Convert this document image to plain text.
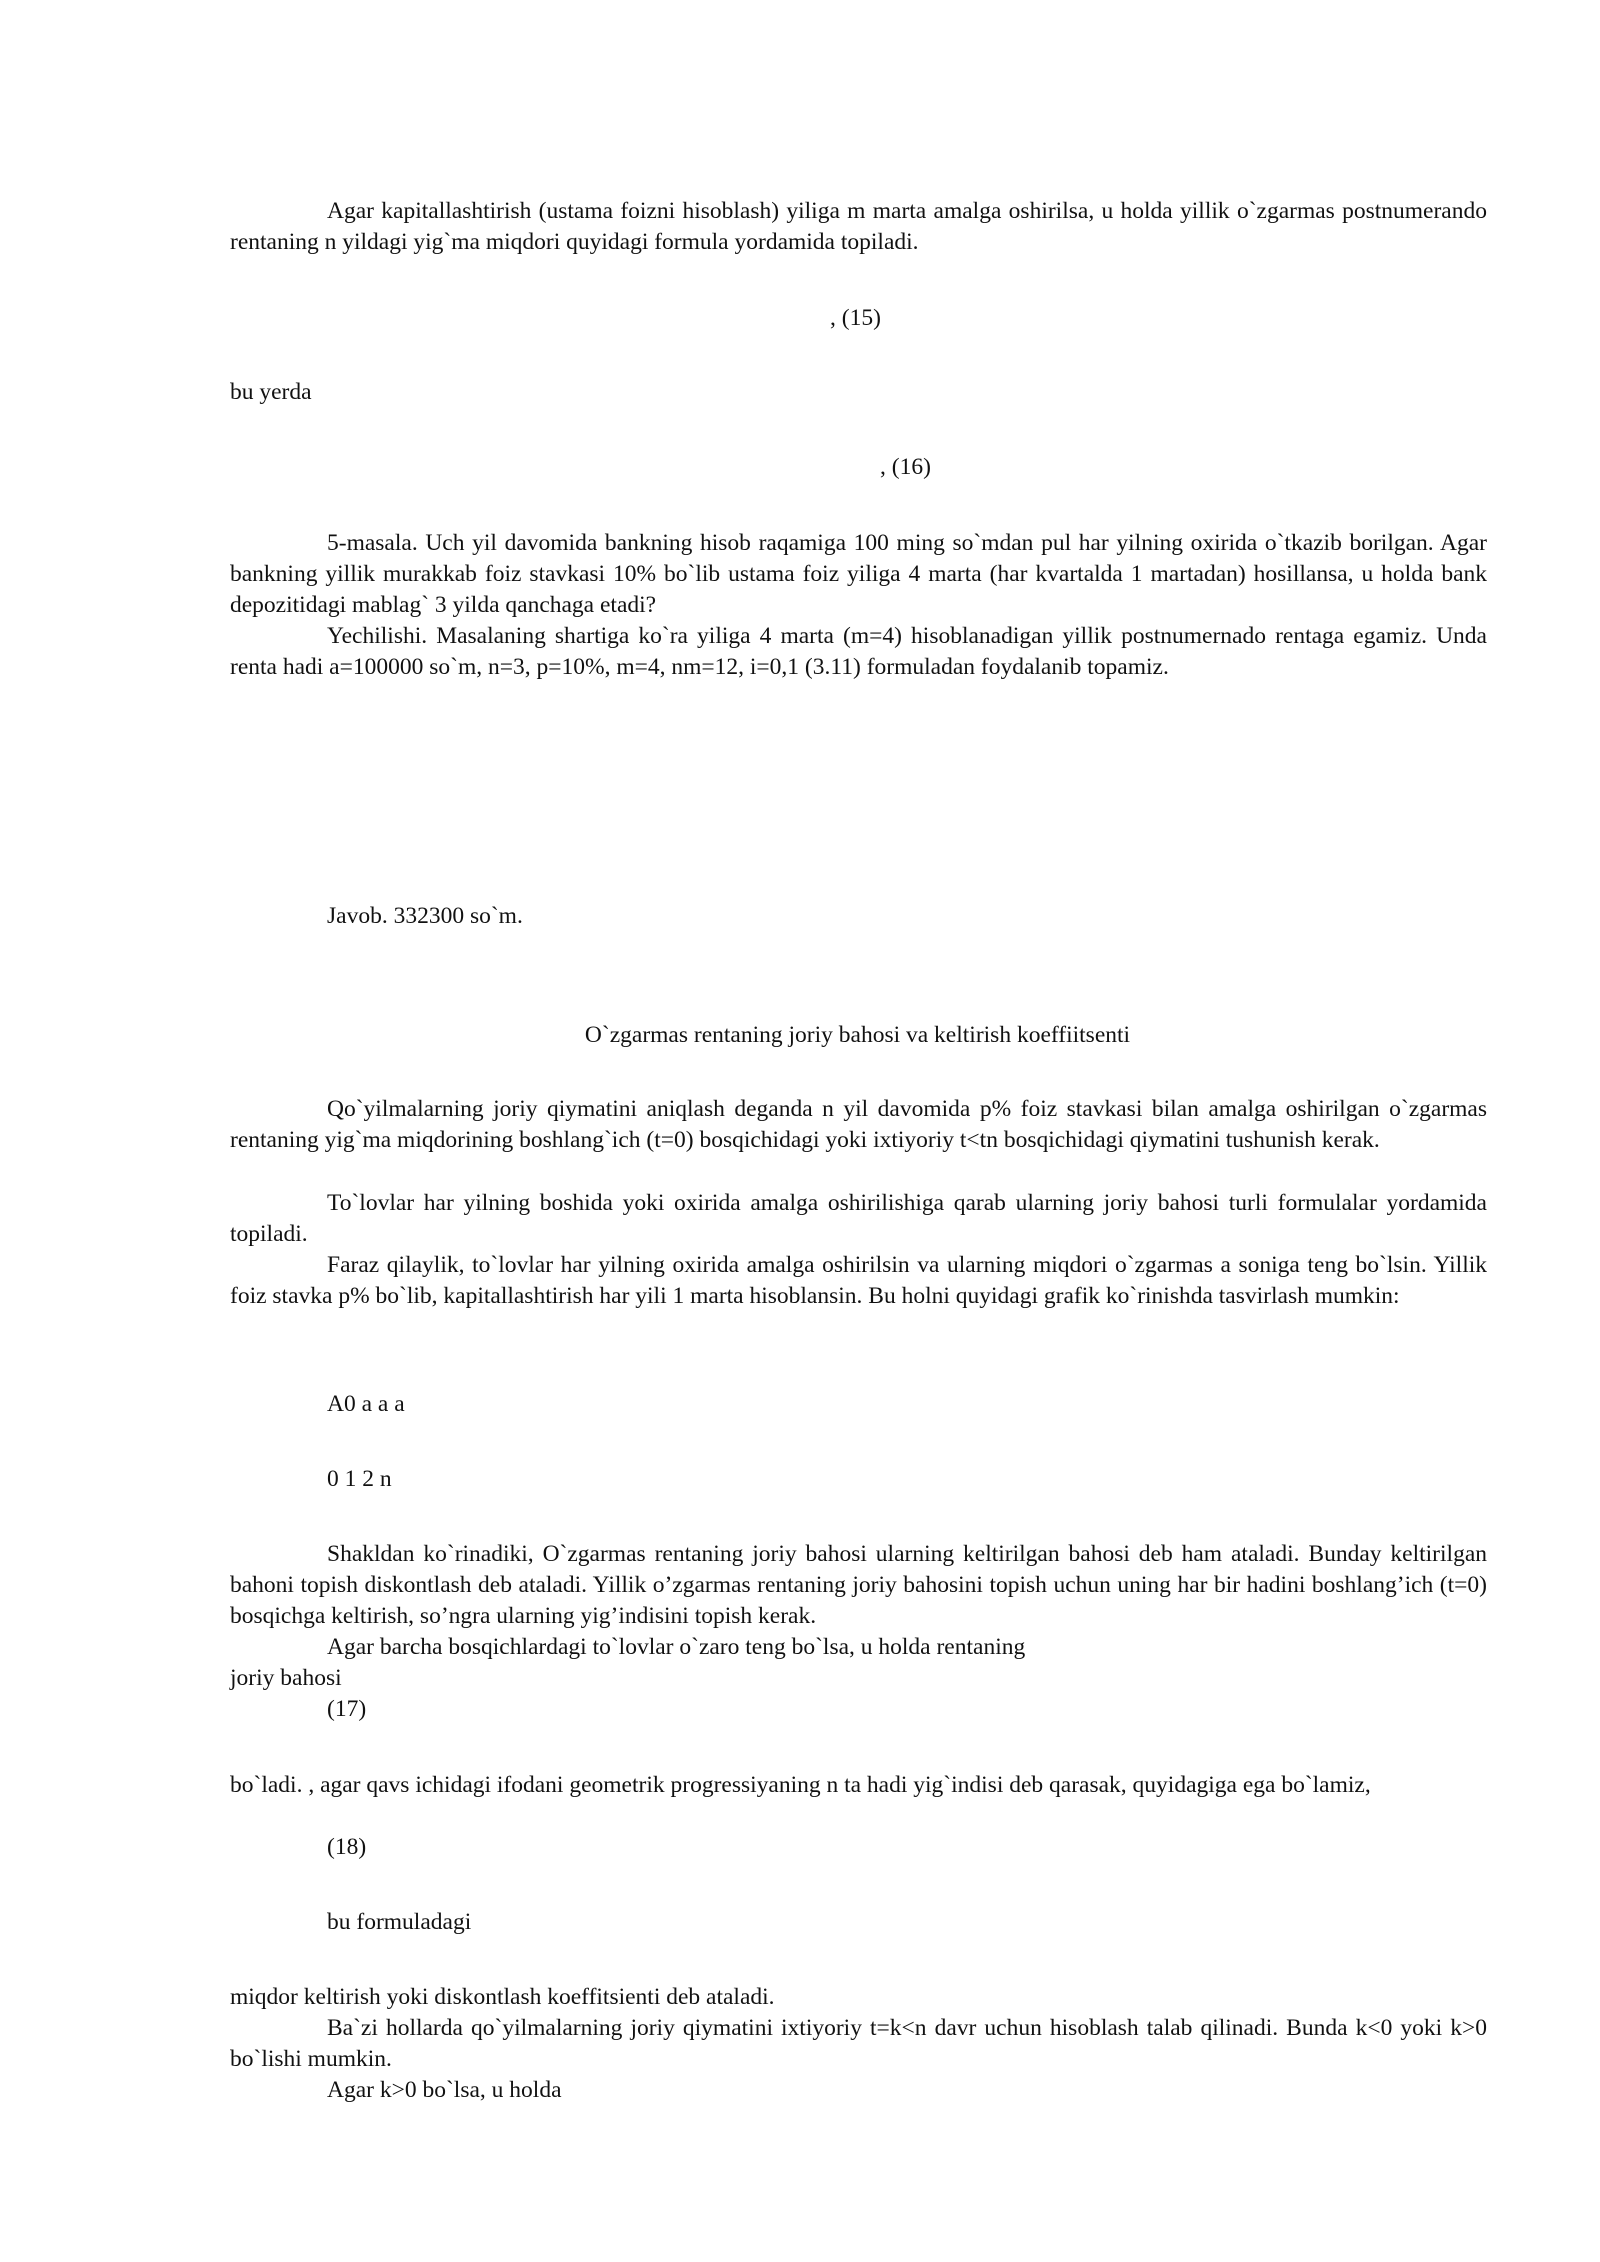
Agar kapitallashtirish (ustama foizni hisoblash) yiliga m marta amalga oshirilsa, u holda yillik o`zgarmas postnumerando rentaning n yildagi yig`ma miqdori quyidagi formula yordamida topiladi.

, (15)

bu yerda

, (16)

5-masala. Uch yil davomida bankning hisob raqamiga 100 ming so`mdan pul har yilning oxirida o`tkazib borilgan. Agar bankning yillik murakkab foiz stavkasi 10% bo`lib ustama foiz yiliga 4 marta (har kvartalda 1 martadan) hosillansa, u holda bank depozitidagi mablag` 3 yilda qanchaga etadi?

Yechilishi. Masalaning shartiga ko`ra yiliga 4 marta (m=4) hisoblanadigan yillik postnumernado rentaga egamiz. Unda renta hadi a=100000 so`m, n=3, p=10%, m=4, nm=12, i=0,1 (3.11) formuladan foydalanib topamiz.

Javob. 332300 so`m.

O`zgarmas rentaning joriy bahosi va keltirish koeffiitsenti

Qo`yilmalarning joriy qiymatini aniqlash deganda n yil davomida p% foiz stavkasi bilan amalga oshirilgan o`zgarmas rentaning yig`ma miqdorining boshlang`ich (t=0) bosqichidagi yoki ixtiyoriy t<tn bosqichidagi qiymatini tushunish kerak.

To`lovlar har yilning boshida yoki oxirida amalga oshirilishiga qarab ularning joriy bahosi turli formulalar yordamida topiladi.

Faraz qilaylik, to`lovlar har yilning oxirida amalga oshirilsin va ularning miqdori o`zgarmas a soniga teng bo`lsin. Yillik foiz stavka p% bo`lib, kapitallashtirish har yili 1 marta hisoblansin. Bu holni quyidagi grafik ko`rinishda tasvirlash mumkin:

A0 a a a

0 1 2 n

Shakldan ko`rinadiki, O`zgarmas rentaning joriy bahosi ularning keltirilgan bahosi deb ham ataladi. Bunday keltirilgan bahoni topish diskontlash deb ataladi. Yillik o’zgarmas rentaning joriy bahosini topish uchun uning har bir hadini boshlang’ich (t=0) bosqichga keltirish, so’ngra ularning yig’indisini topish kerak.

Agar barcha bosqichlardagi to`lovlar o`zaro teng bo`lsa, u holda rentaning

joriy bahosi

(17)

bo`ladi. , agar qavs ichidagi ifodani geometrik progressiyaning n ta hadi yig`indisi deb qarasak, quyidagiga ega bo`lamiz,

(18)

bu formuladagi

miqdor keltirish yoki diskontlash koeffitsienti deb ataladi.

Ba`zi hollarda qo`yilmalarning joriy qiymatini ixtiyoriy t=k<n davr uchun hisoblash talab qilinadi. Bunda k<0 yoki k>0 bo`lishi mumkin.

Agar k>0 bo`lsa, u holda
